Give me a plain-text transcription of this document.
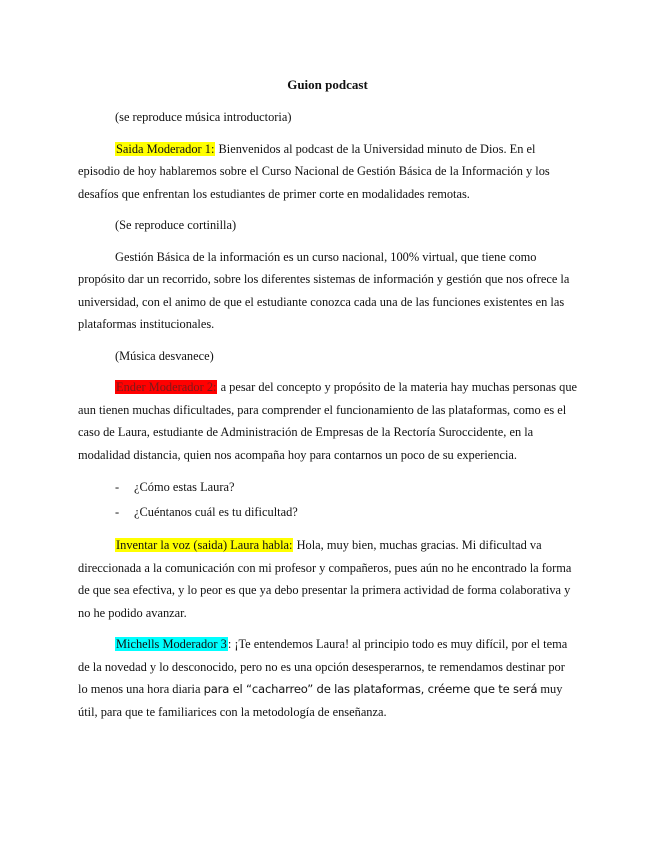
Guion podcast
(se reproduce música introductoria)

Saida Moderador 1: Bienvenidos al podcast de la Universidad minuto de Dios. En el episodio de hoy hablaremos sobre el Curso Nacional de Gestión Básica de la Información y los desafíos que enfrentan los estudiantes de primer corte en modalidades remotas.

(Se reproduce cortinilla)

Gestión Básica de la información es un curso nacional, 100% virtual, que tiene como propósito dar un recorrido, sobre los diferentes sistemas de información y gestión que nos ofrece la universidad, con el animo de que el estudiante conozca cada una de las funciones existentes en las plataformas institucionales.

(Música desvanece)

Ender Moderador 2: a pesar del concepto y propósito de la materia hay muchas personas que aun tienen muchas dificultades, para comprender el funcionamiento de las plataformas, como es el caso de Laura, estudiante de Administración de Empresas de la Rectoría Suroccidente, en la modalidad distancia, quien nos acompaña hoy para contarnos un poco de su experiencia.

- ¿Cómo estas Laura?
- ¿Cuéntanos cuál es tu dificultad?

Inventar la voz (saida) Laura habla: Hola, muy bien, muchas gracias. Mi dificultad va direccionada a la comunicación con mi profesor y compañeros, pues aún no he encontrado la forma de que sea efectiva, y lo peor es que ya debo presentar la primera actividad de forma colaborativa y no he podido avanzar.

Michells Moderador 3: ¡Te entendemos Laura! al principio todo es muy difícil, por el tema de la novedad y lo desconocido, pero no es una opción desesperarnos, te remendamos destinar por lo menos una hora diaria para el “cacharreo” de las plataformas, créeme que te será muy útil, para que te familiarices con la metodología de enseñanza.
